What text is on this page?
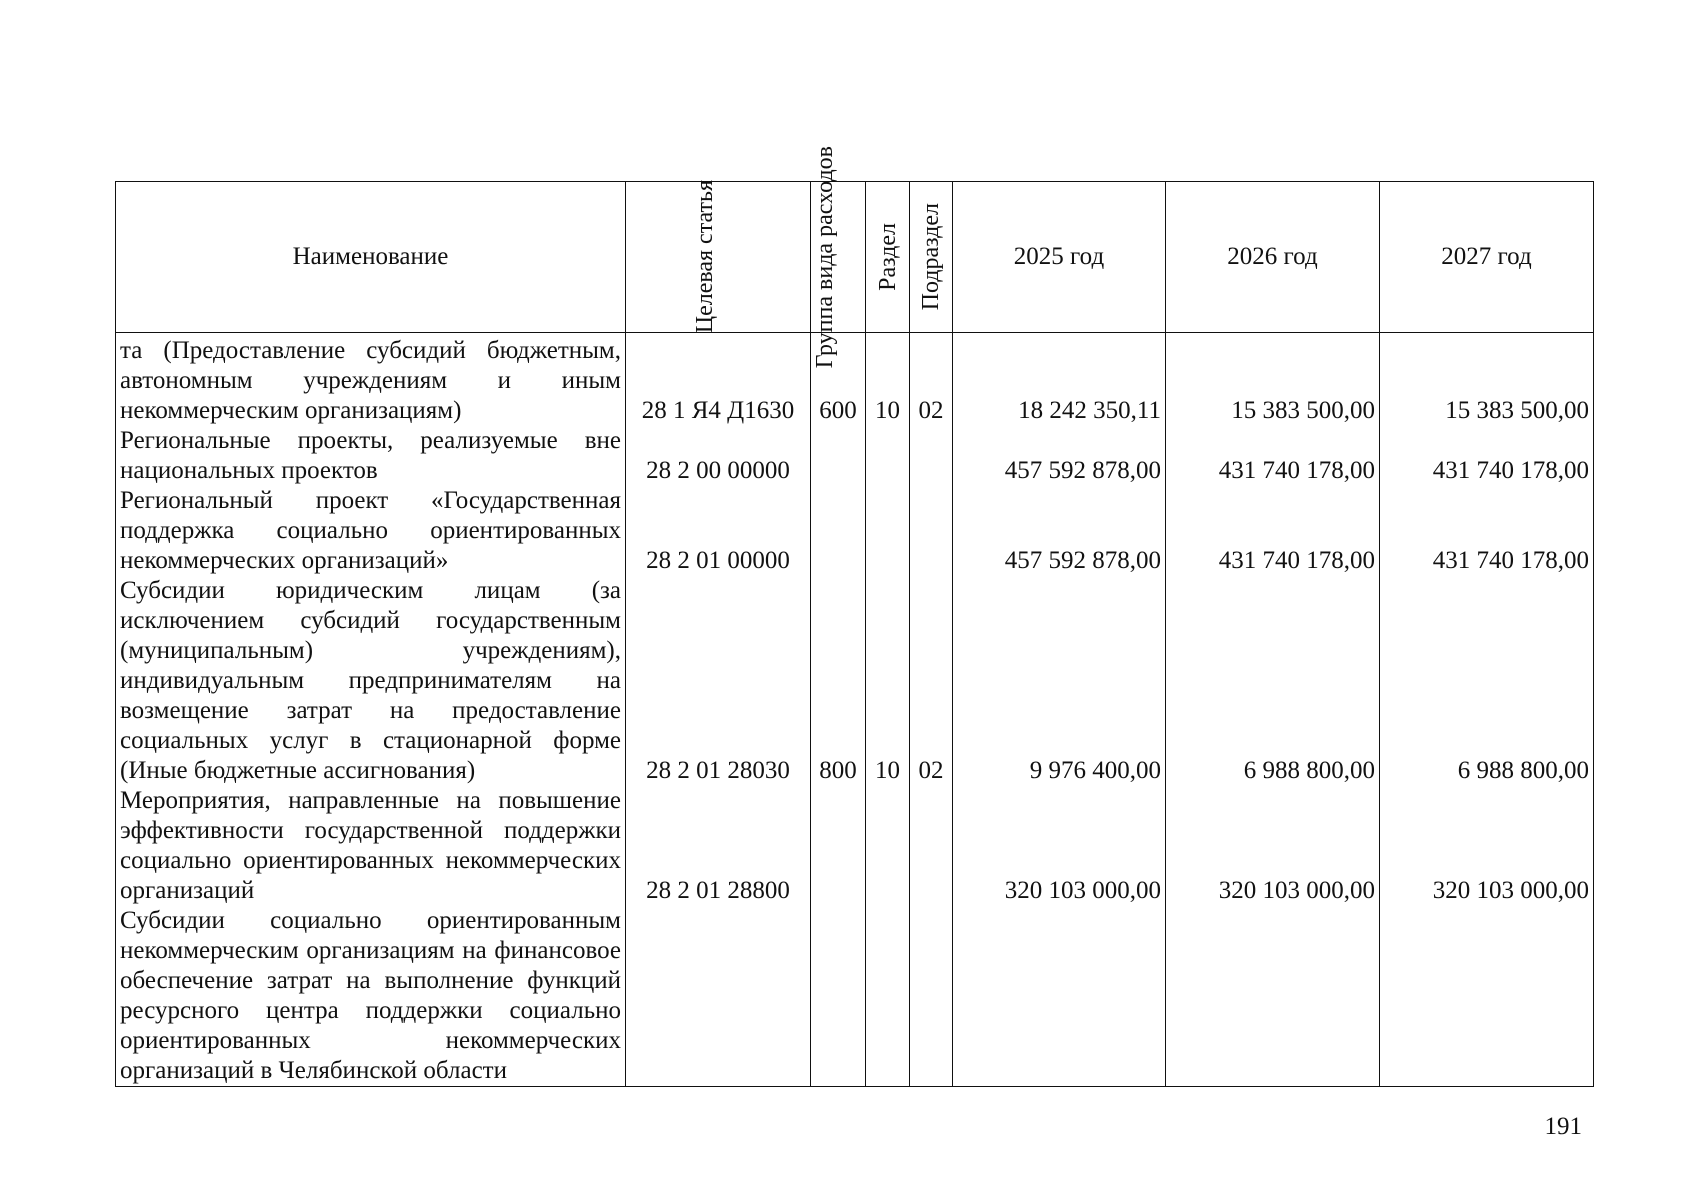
Наименование	Целевая статья	Группа вида расходов	Раздел	Подраздел	2025 год	2026 год	2027 год
та (Предоставление субсидий бюджетным, автономным учреждениям и иным некоммерческим организациям)	28 1 Я4 Д1630	600	10	02	18 242 350,11	15 383 500,00	15 383 500,00
Региональные проекты, реализуемые вне национальных проектов	28 2 00 00000				457 592 878,00	431 740 178,00	431 740 178,00
Региональный проект «Государственная поддержка социально ориентированных некоммерческих организаций»	28 2 01 00000				457 592 878,00	431 740 178,00	431 740 178,00
Субсидии юридическим лицам (за исключением субсидий государственным (муниципальным) учреждениям), индивидуальным предпринимателям на возмещение затрат на предоставление социальных услуг в стационарной форме (Иные бюджетные ассигнования)	28 2 01 28030	800	10	02	9 976 400,00	6 988 800,00	6 988 800,00
Мероприятия, направленные на повышение эффективности государственной поддержки социально ориентированных некоммерческих организаций	28 2 01 28800				320 103 000,00	320 103 000,00	320 103 000,00
Субсидии социально ориентированным некоммерческим организациям на финансовое обеспечение затрат на выполнение функций ресурсного центра поддержки социально ориентированных некоммерческих организаций в Челябинской области							
191
